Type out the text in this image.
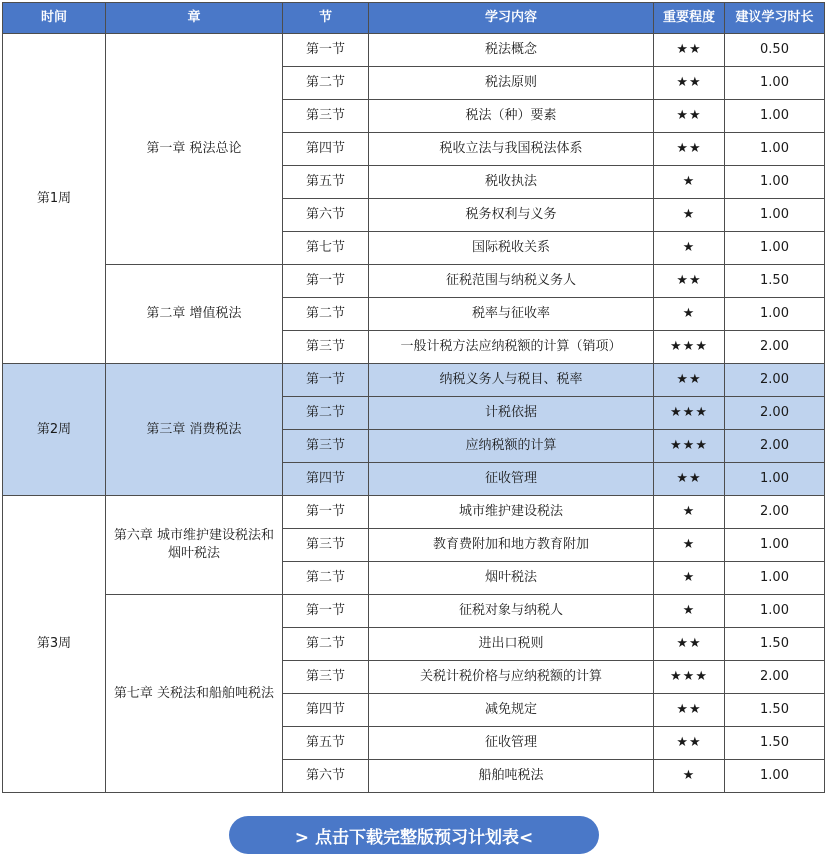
时间	章	节	学习内容	重要程度	建议学习时长
第1周	第一章 税法总论	第一节	税法概念	★★	0.50
		第二节	税法原则	★★	1.00
		第三节	税法（种）要素	★★	1.00
		第四节	税收立法与我国税法体系	★★	1.00
		第五节	税收执法	★	1.00
		第六节	税务权利与义务	★	1.00
		第七节	国际税收关系	★	1.00
	第二章 增值税法	第一节	征税范围与纳税义务人	★★	1.50
		第二节	税率与征收率	★	1.00
		第三节	一般计税方法应纳税额的计算（销项）	★★★	2.00
第2周	第三章 消费税法	第一节	纳税义务人与税目、税率	★★	2.00
		第二节	计税依据	★★★	2.00
		第三节	应纳税额的计算	★★★	2.00
		第四节	征收管理	★★	1.00
第3周	第六章 城市维护建设税法和烟叶税法	第一节	城市维护建设税法	★	2.00
		第三节	教育费附加和地方教育附加	★	1.00
		第二节	烟叶税法	★	1.00
	第七章 关税法和船舶吨税法	第一节	征税对象与纳税人	★	1.00
		第二节	进出口税则	★★	1.50
		第三节	关税计税价格与应纳税额的计算	★★★	2.00
		第四节	减免规定	★★	1.50
		第五节	征收管理	★★	1.50
		第六节	船舶吨税法	★	1.00
> 点击下载完整版预习计划表<
